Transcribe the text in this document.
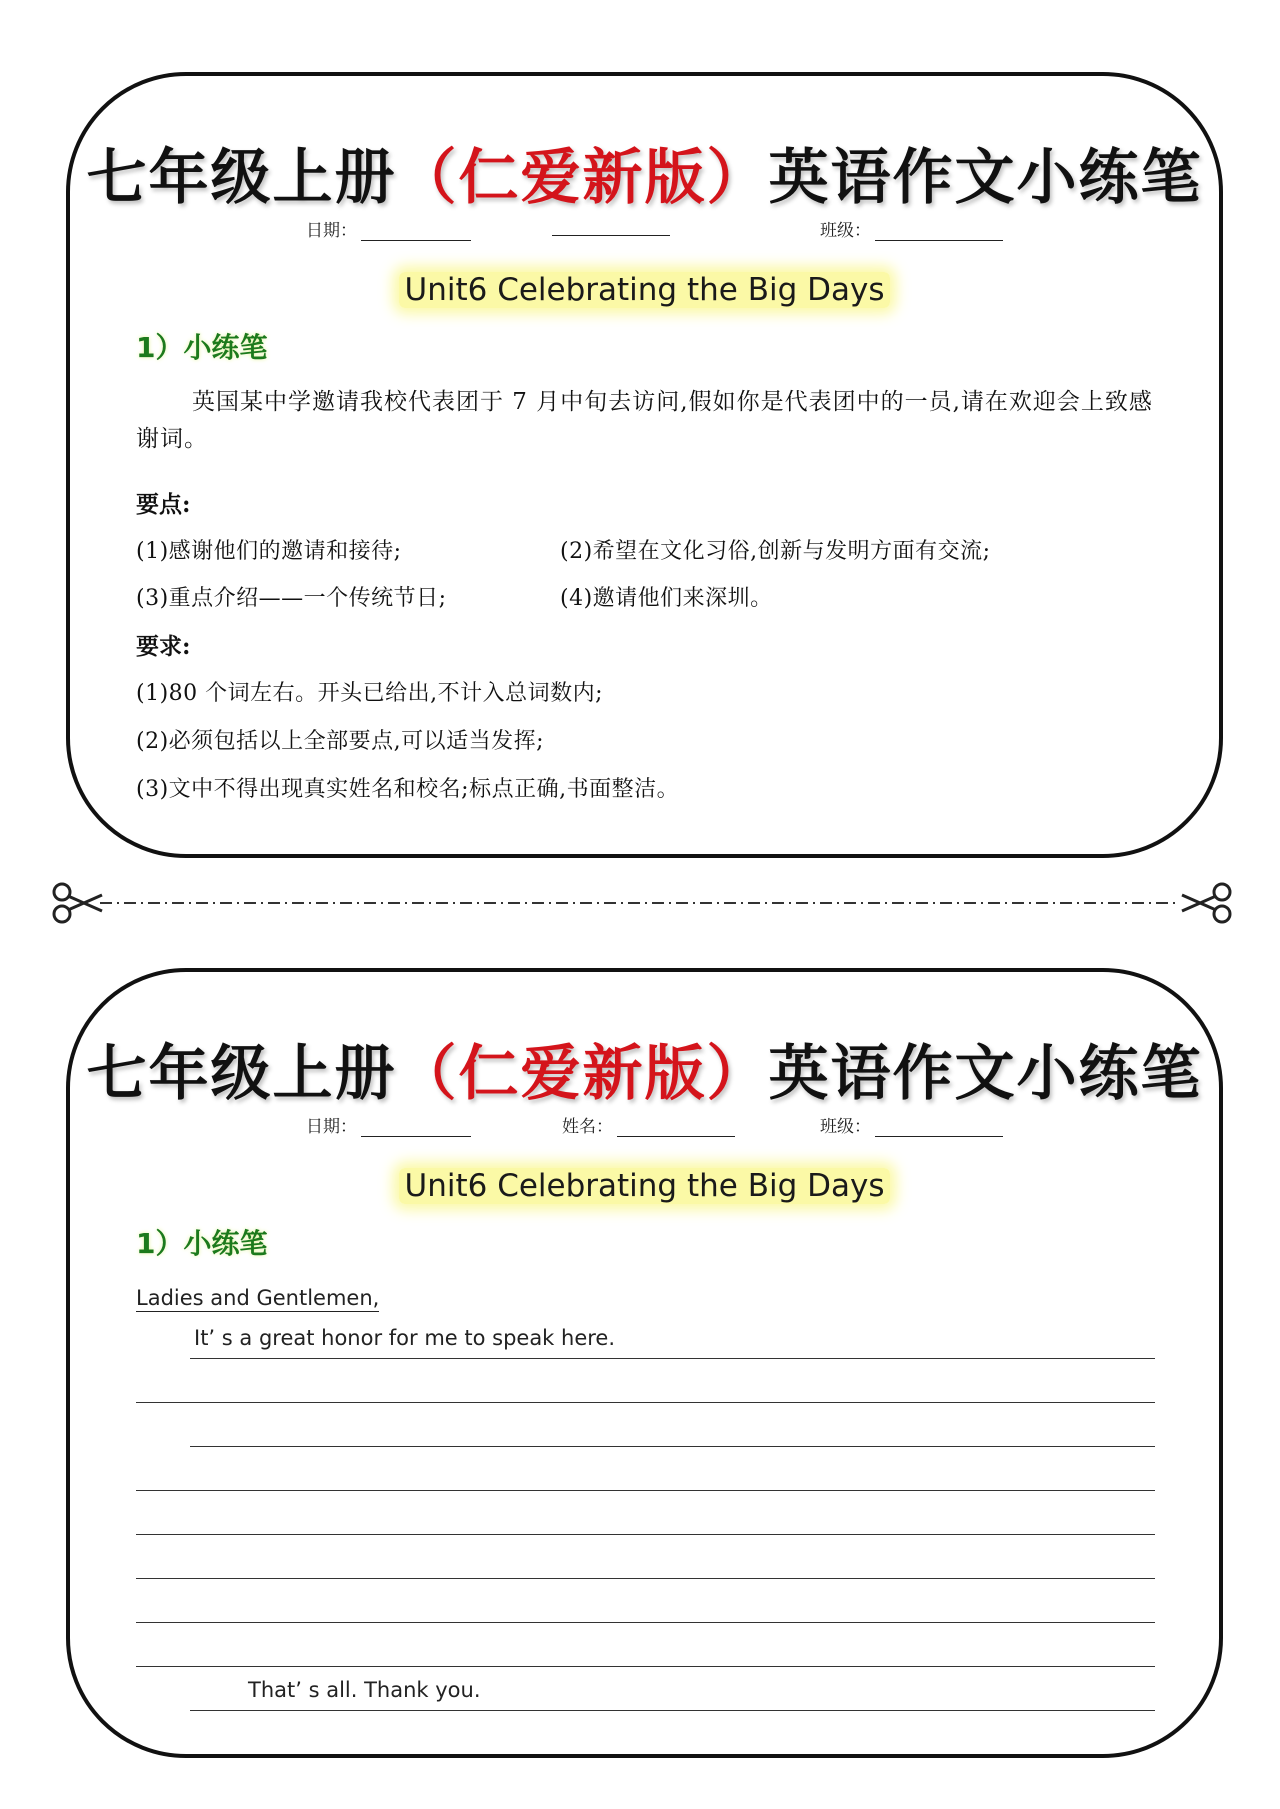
七年级上册（仁爱新版）英语作文小练笔
日期：	班级：
Unit6 Celebrating the Big Days
1）小练笔
英国某中学邀请我校代表团于 7 月中旬去访问,假如你是代表团中的一员,请在欢迎会上致感谢词。
要点:
(1)感谢他们的邀请和接待;	(2)希望在文化习俗,创新与发明方面有交流;
(3)重点介绍——一个传统节日;	(4)邀请他们来深圳。
要求:
(1)80 个词左右。开头已给出,不计入总词数内;
(2)必须包括以上全部要点,可以适当发挥;
(3)文中不得出现真实姓名和校名;标点正确,书面整洁。
七年级上册（仁爱新版）英语作文小练笔
日期：	姓名：	班级：
Unit6 Celebrating the Big Days
1）小练笔
Ladies and Gentlemen,
It’ s a great honor for me to speak here.
That’ s all. Thank you.
